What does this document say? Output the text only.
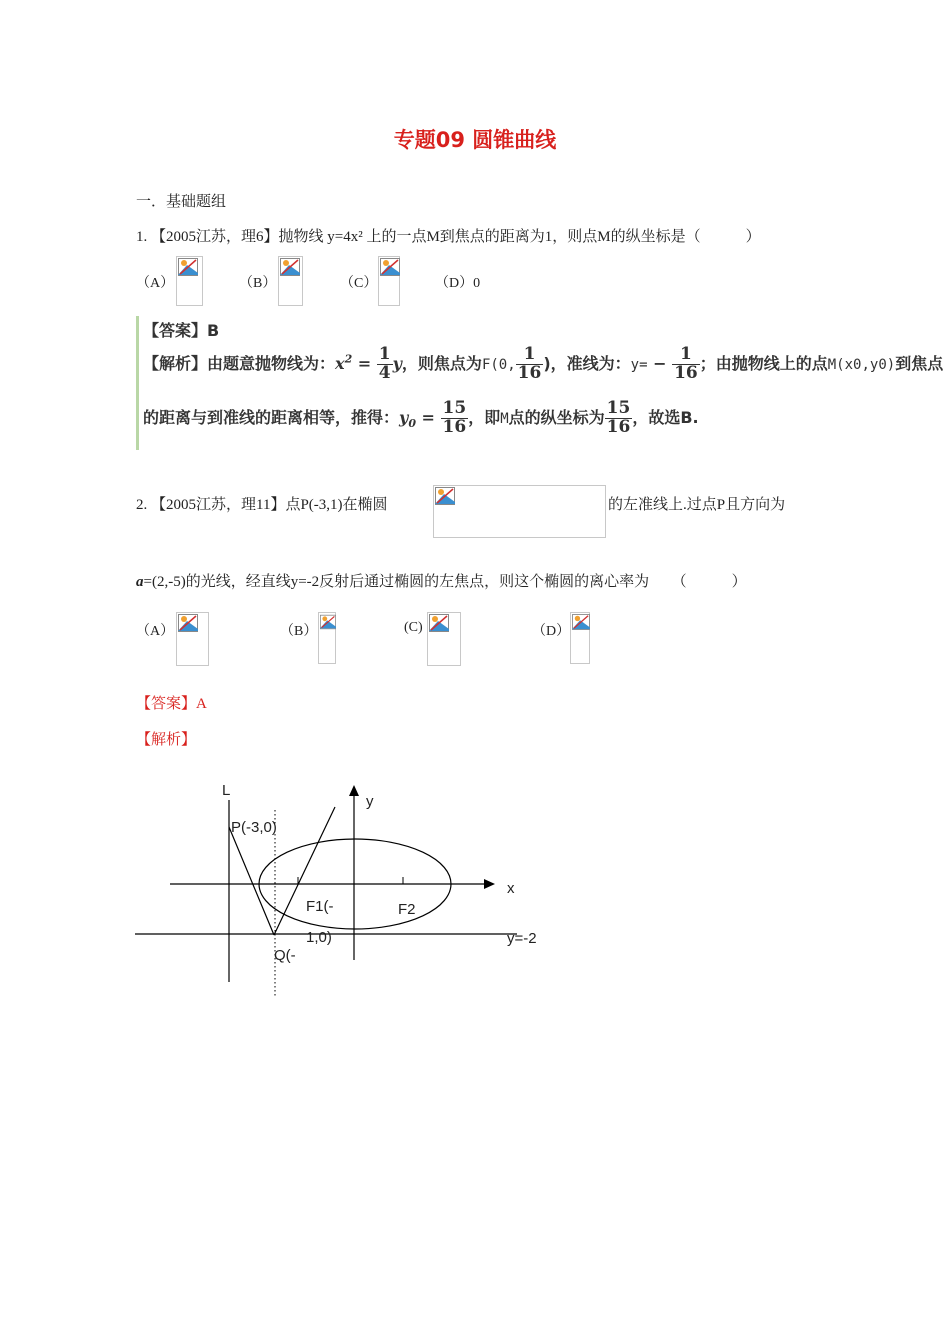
专题09 圆锥曲线
一．基础题组
1. 【2005江苏，理6】抛物线 y=4x² 上的一点M到焦点的距离为1，则点M的纵坐标是（　　　）
（A）	（B）	（C）	（D）0
【答案】B
【解析】由题意抛物线为：$x^2 = \frac{1}{4}$ y，则焦点为F(0, $\frac{1}{16}$ )，准线为：$y= - \frac{1}{16}$ ；由抛物线上的点M(x0,y0)到焦点
的距离与到准线的距离相等，推得：$y_0 = \frac{15}{16}$ ，即M点的纵坐标为 $\frac{15}{16}$ ，故选B.
2. 【2005江苏，理11】点P(-3,1)在椭圆	的左准线上.过点P且方向为
a=(2,-5)的光线，经直线y=-2反射后通过椭圆的左焦点，则这个椭圆的离心率为　　（　　　）
（A）	（B）	(C)	（D）
【答案】A
【解析】
L
y
x
P(-3,0)
F1(-
1,0)
F2
Q(-
y=-2
